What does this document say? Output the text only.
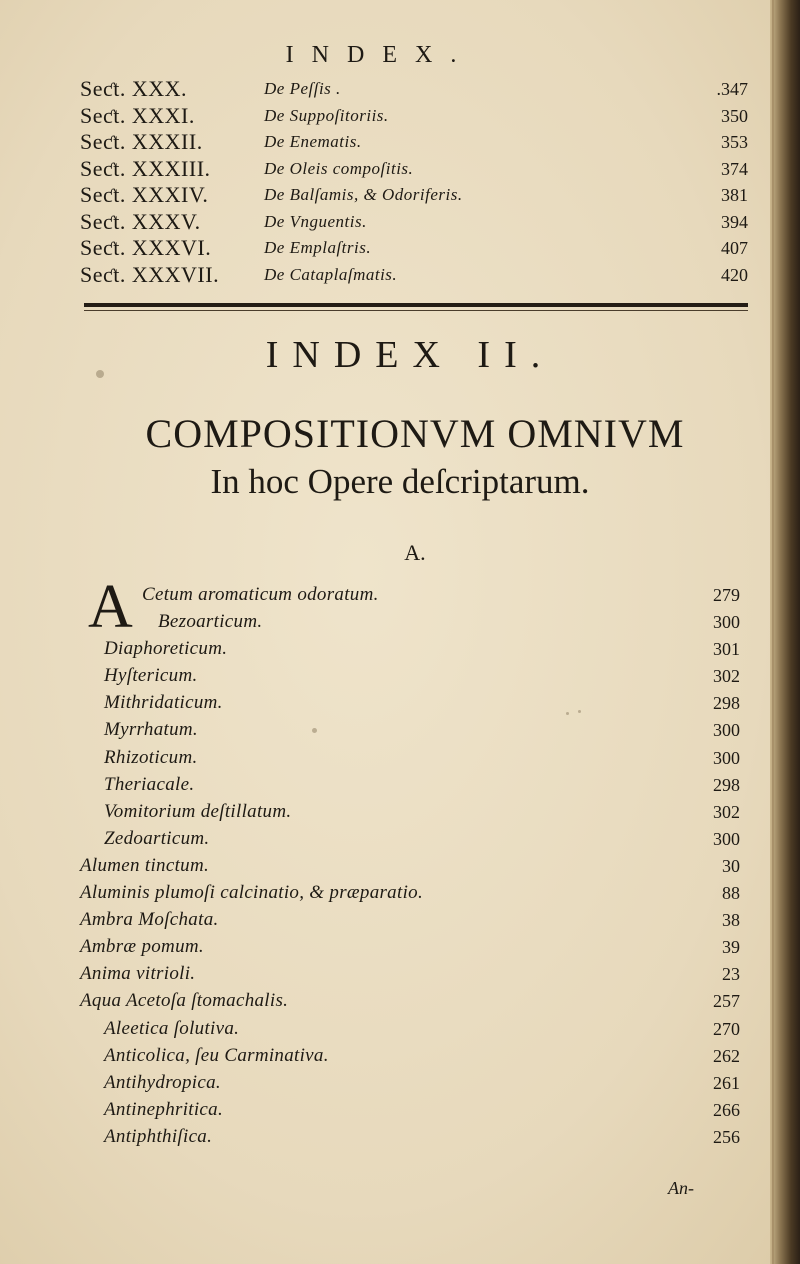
INDEX.
Seƈt. XXX.	De Peſſis .	.347
Seƈt. XXXI.	De Suppoſitoriis.	350
Seƈt. XXXII.	De Enematis.	353
Seƈt. XXXIII.	De Oleis compoſitis.	374
Seƈt. XXXIV.	De Balſamis, & Odoriferis.	381
Seƈt. XXXV.	De Vnguentis.	394
Seƈt. XXXVI.	De Emplaſtris.	407
Seƈt. XXXVII.	De Cataplaſmatis.	420
INDEX II.
COMPOSITIONVM OMNIVM
In hoc Opere deſcriptarum.
A.
A Cetum aromaticum odoratum.	279
Bezoarticum.	300
Diaphoreticum.	301
Hyſtericum.	302
Mithridaticum.	298
Myrrhatum.	300
Rhizoticum.	300
Theriacale.	298
Vomitorium deſtillatum.	302
Zedoarticum.	300
Alumen tinctum.	30
Aluminis plumoſi calcinatio, & præparatio.	88
Ambra Moſchata.	38
Ambræ pomum.	39
Anima vitrioli.	23
Aqua Acetoſa ſtomachalis.	257
Aleetica ſolutiva.	270
Anticolica, ſeu Carminativa.	262
Antihydropica.	261
Antinephritica.	266
Antiphthiſica.	256
An-
